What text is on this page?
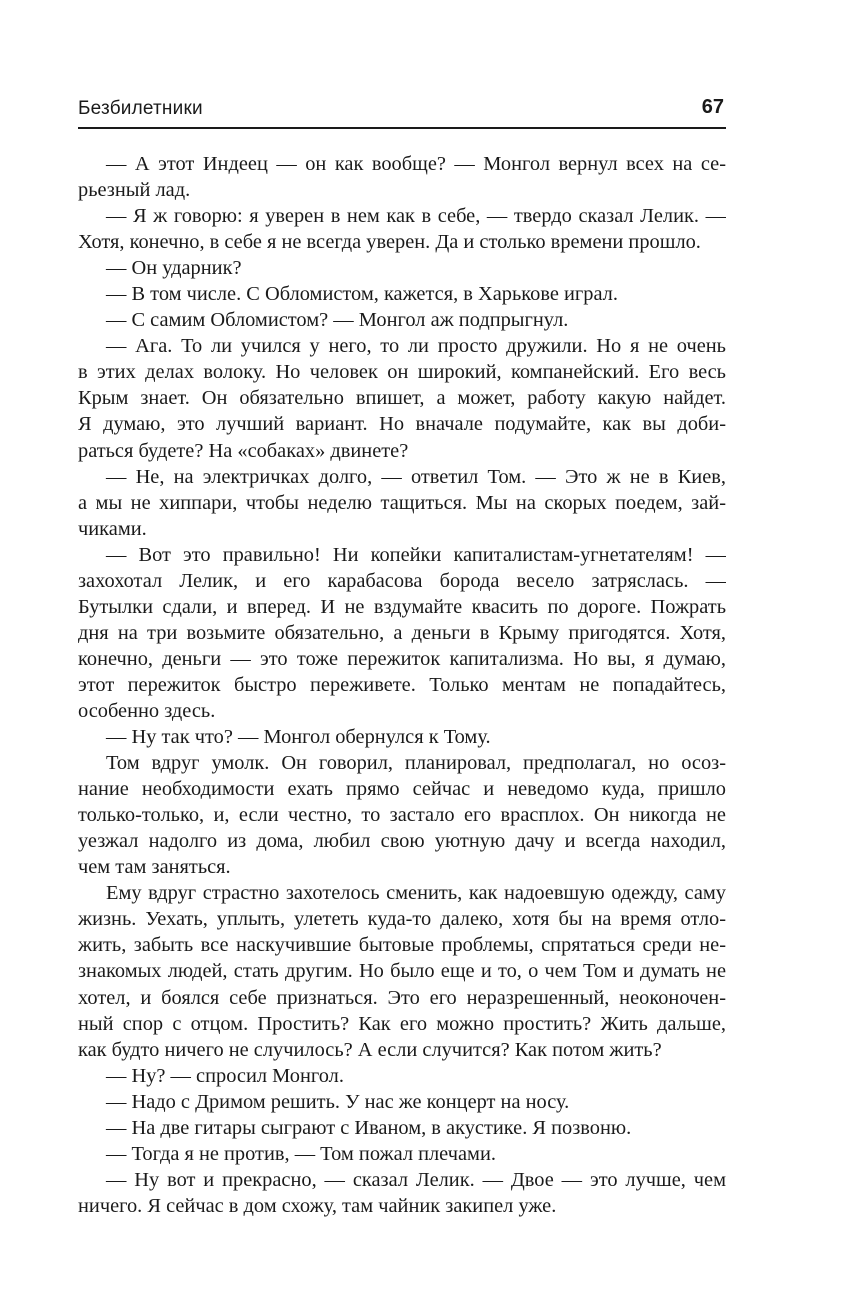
Безбилетники	67
— А этот Индеец — он как вообще? — Монгол вернул всех на се-
рьезный лад.
— Я ж говорю: я уверен в нем как в себе, — твердо сказал Лелик. —
Хотя, конечно, в себе я не всегда уверен. Да и столько времени прошло.
— Он ударник?
— В том числе. С Обломистом, кажется, в Харькове играл.
— С самим Обломистом? — Монгол аж подпрыгнул.
— Ага. То ли учился у него, то ли просто дружили. Но я не очень
в этих делах волоку. Но человек он широкий, компанейский. Его весь
Крым знает. Он обязательно впишет, а может, работу какую найдет.
Я думаю, это лучший вариант. Но вначале подумайте, как вы доби-
раться будете? На «собаках» двинете?
— Не, на электричках долго, — ответил Том. — Это ж не в Киев,
а мы не хиппари, чтобы неделю тащиться. Мы на скорых поедем, зай-
чиками.
— Вот это правильно! Ни копейки капиталистам-угнетателям! —
захохотал Лелик, и его карабасова борода весело затряслась. —
Бутылки сдали, и вперед. И не вздумайте квасить по дороге. Пожрать
дня на три возьмите обязательно, а деньги в Крыму пригодятся. Хотя,
конечно, деньги — это тоже пережиток капитализма. Но вы, я думаю,
этот пережиток быстро переживете. Только ментам не попадайтесь,
особенно здесь.
— Ну так что? — Монгол обернулся к Тому.
Том вдруг умолк. Он говорил, планировал, предполагал, но осоз-
нание необходимости ехать прямо сейчас и неведомо куда, пришло
только-только, и, если честно, то застало его врасплох. Он никогда не
уезжал надолго из дома, любил свою уютную дачу и всегда находил,
чем там заняться.
Ему вдруг страстно захотелось сменить, как надоевшую одежду, саму
жизнь. Уехать, уплыть, улететь куда-то далеко, хотя бы на время отло-
жить, забыть все наскучившие бытовые проблемы, спрятаться среди не-
знакомых людей, стать другим. Но было еще и то, о чем Том и думать не
хотел, и боялся себе признаться. Это его неразрешенный, неоконочен-
ный спор с отцом. Простить? Как его можно простить? Жить дальше,
как будто ничего не случилось? А если случится? Как потом жить?
— Ну? — спросил Монгол.
— Надо с Дримом решить. У нас же концерт на носу.
— На две гитары сыграют с Иваном, в акустике. Я позвоню.
— Тогда я не против, — Том пожал плечами.
— Ну вот и прекрасно, — сказал Лелик. — Двое — это лучше, чем
ничего. Я сейчас в дом схожу, там чайник закипел уже.
